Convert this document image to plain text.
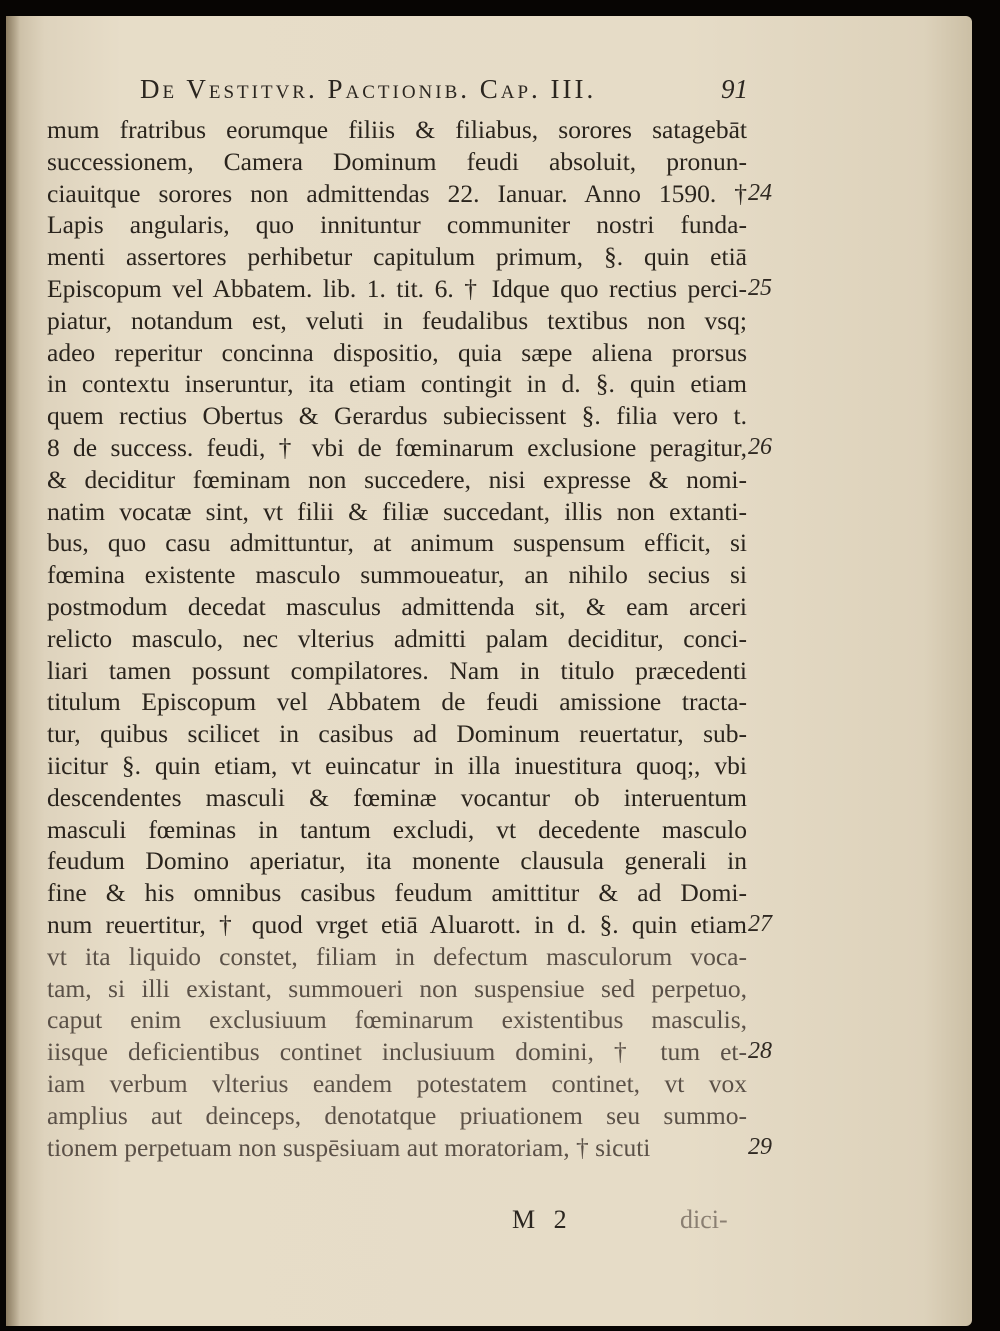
De Vestitvr. Pactionib. Cap. III.	91
mum fratribus eorumque filiis & filiabus, sorores satagebāt
successionem, Camera Dominum feudi absoluit, pronun-
ciauitque sorores non admittendas 22. Ianuar. Anno 1590. †
Lapis angularis, quo innituntur communiter nostri funda-
menti assertores perhibetur capitulum primum, §. quin etiā
Episcopum vel Abbatem. lib. 1. tit. 6. † Idque quo rectius perci-
piatur, notandum est, veluti in feudalibus textibus non vsq;
adeo reperitur concinna dispositio, quia sæpe aliena prorsus
in contextu inseruntur, ita etiam contingit in d. §. quin etiam
quem rectius Obertus & Gerardus subiecissent §. filia vero t.
8 de success. feudi, † vbi de fœminarum exclusione peragitur,
& deciditur fœminam non succedere, nisi expresse & nomi-
natim vocatæ sint, vt filii & filiæ succedant, illis non extanti-
bus, quo casu admittuntur, at animum suspensum efficit, si
fœmina existente masculo summoueatur, an nihilo secius si
postmodum decedat masculus admittenda sit, & eam arceri
relicto masculo, nec vlterius admitti palam deciditur, conci-
liari tamen possunt compilatores. Nam in titulo præcedenti
titulum Episcopum vel Abbatem de feudi amissione tracta-
tur, quibus scilicet in casibus ad Dominum reuertatur, sub-
iicitur §. quin etiam, vt euincatur in illa inuestitura quoq;, vbi
descendentes masculi & fœminæ vocantur ob interuentum
masculi fœminas in tantum excludi, vt decedente masculo
feudum Domino aperiatur, ita monente clausula generali in
fine & his omnibus casibus feudum amittitur & ad Domi-
num reuertitur, † quod vrget etiā Aluarott. in d. §. quin etiam
vt ita liquido constet, filiam in defectum masculorum voca-
tam, si illi existant, summoueri non suspensiue sed perpetuo,
caput enim exclusiuum fœminarum existentibus masculis,
iisque deficientibus continet inclusiuum domini, † tum et-
iam verbum vlterius eandem potestatem continet, vt vox
amplius aut deinceps, denotatque priuationem seu summo-
tionem perpetuam non suspēsiuam aut moratoriam, † sicuti
24
25
26
27
28
29
M 2	dici-
